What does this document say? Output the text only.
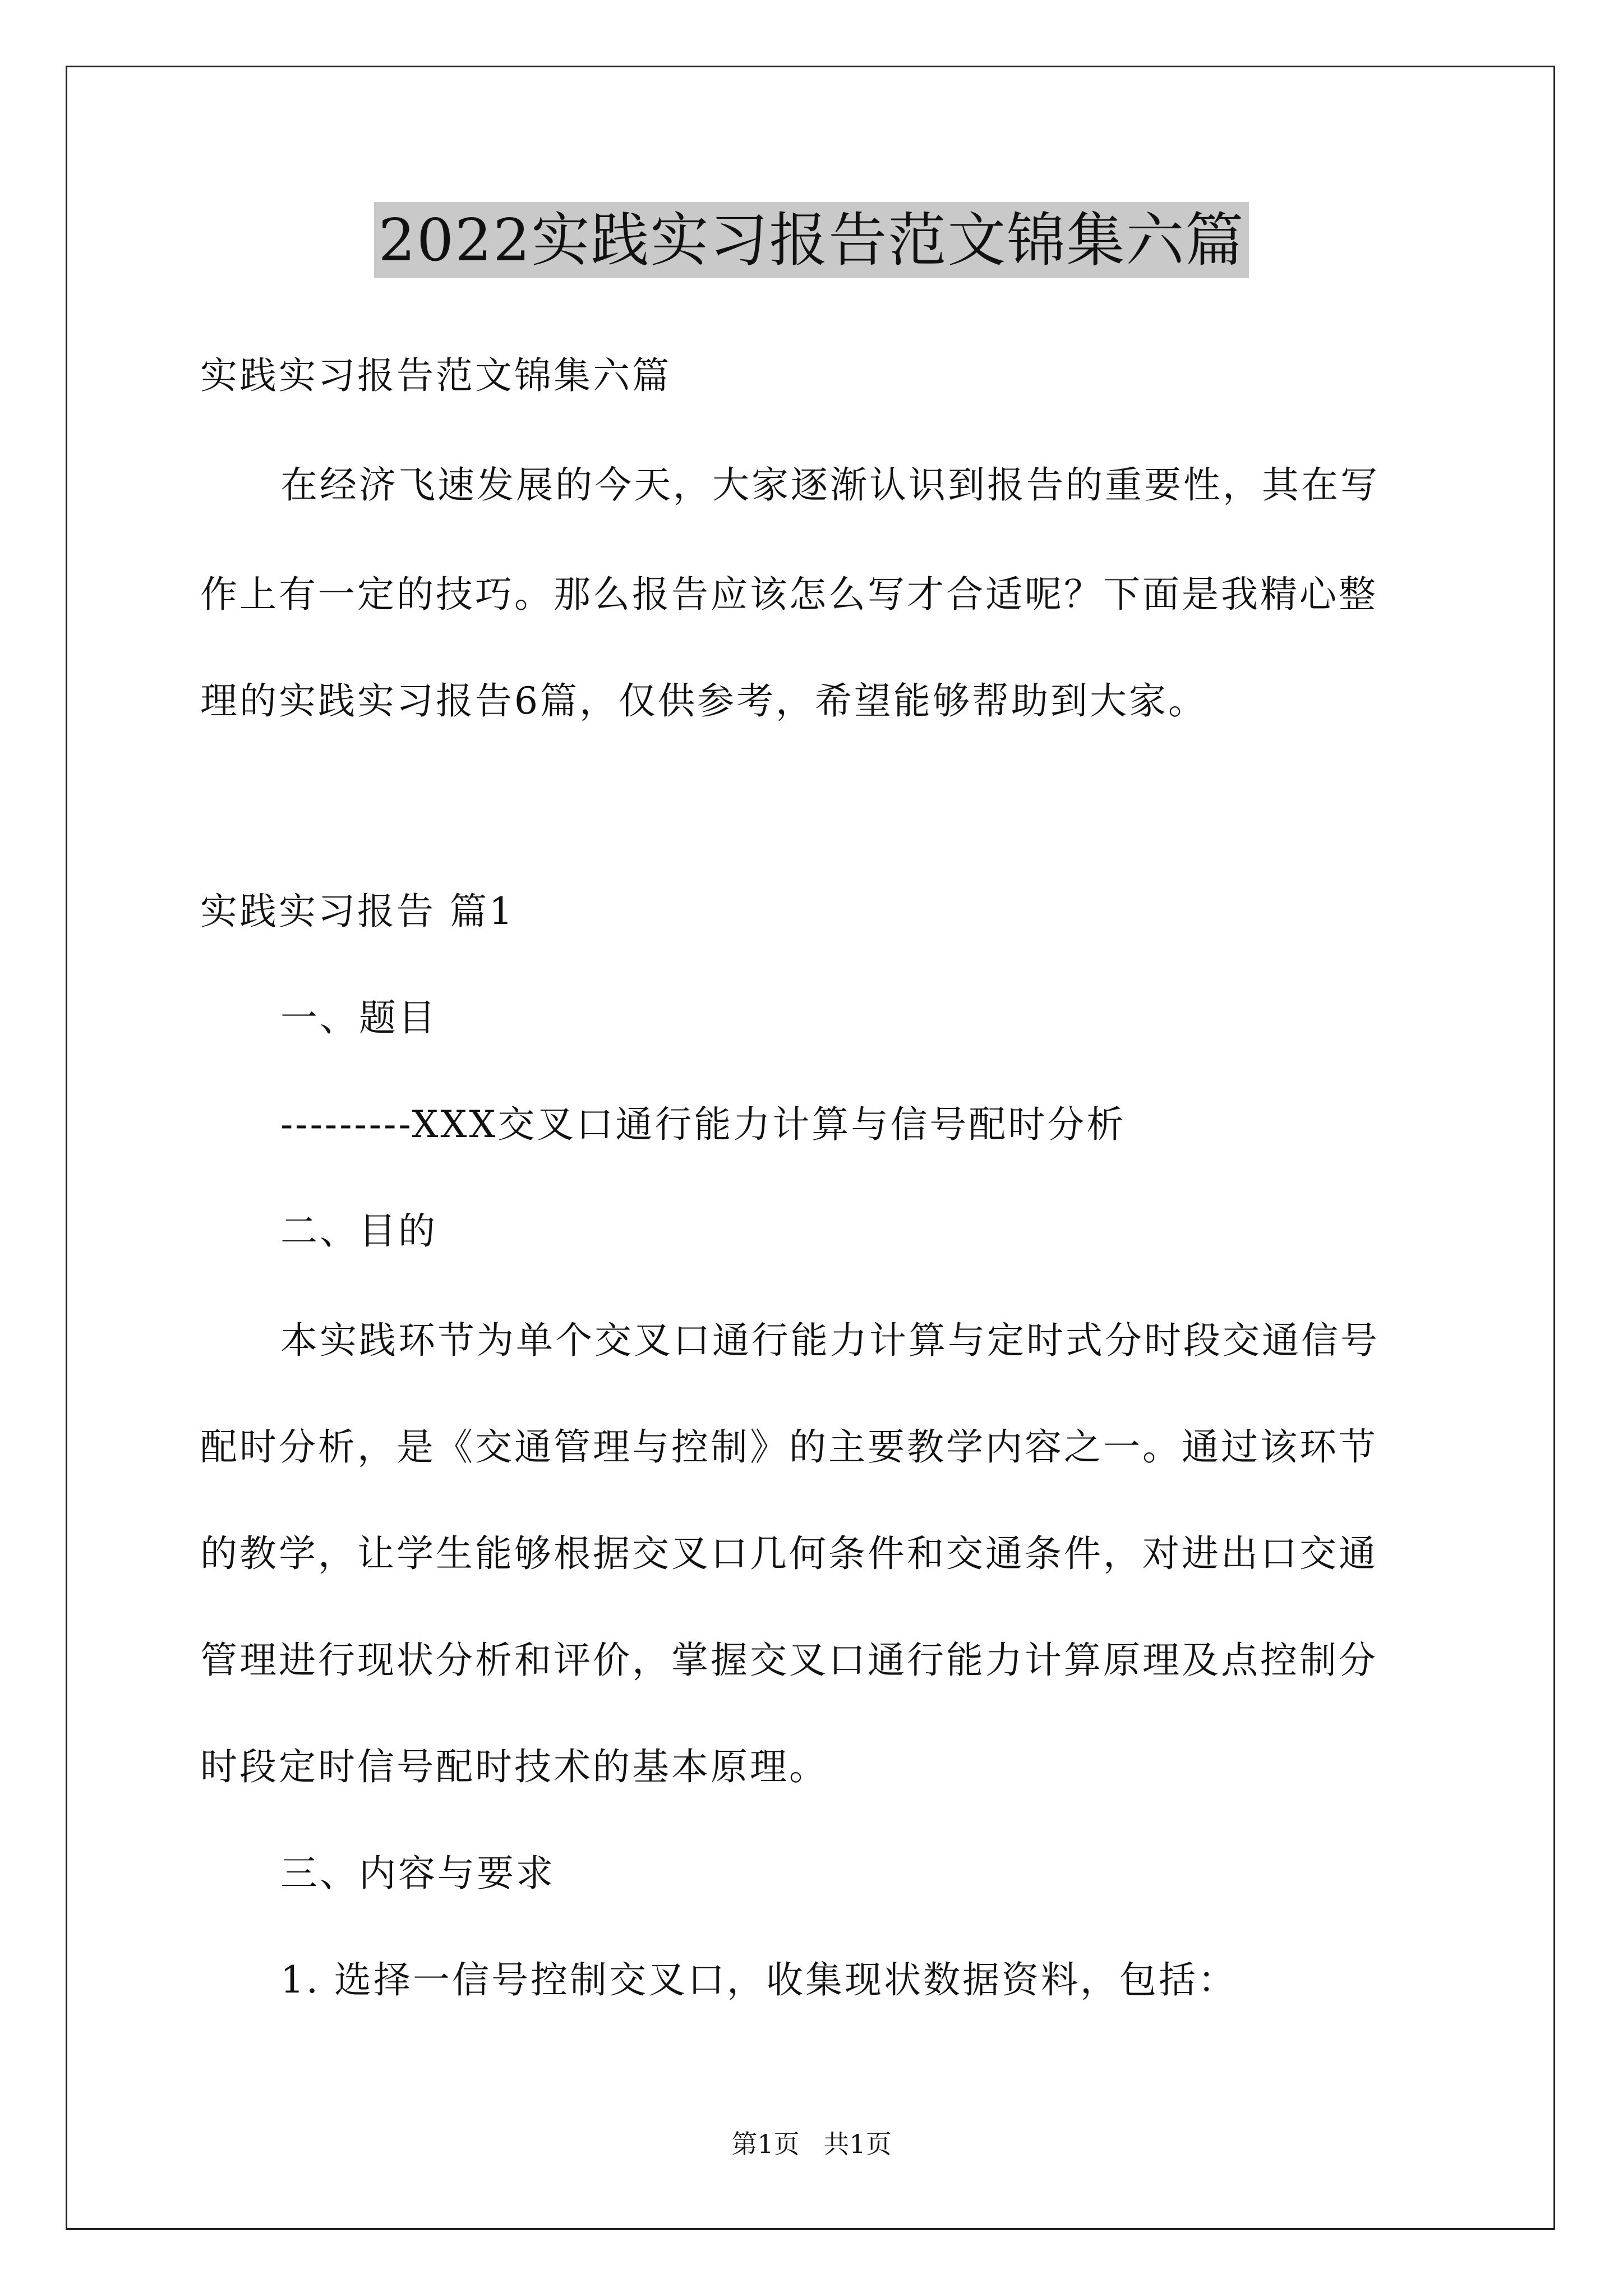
2022实践实习报告范文锦集六篇
实践实习报告范文锦集六篇
在经济飞速发展的今天，大家逐渐认识到报告的重要性，其在写
作上有一定的技巧。那么报告应该怎么写才合适呢？下面是我精心整
理的实践实习报告6篇，仅供参考，希望能够帮助到大家。
实践实习报告 篇1
一、题目
---------XXX交叉口通行能力计算与信号配时分析
二、目的
本实践环节为单个交叉口通行能力计算与定时式分时段交通信号
配时分析，是《交通管理与控制》的主要教学内容之一。通过该环节
的教学，让学生能够根据交叉口几何条件和交通条件，对进出口交通
管理进行现状分析和评价，掌握交叉口通行能力计算原理及点控制分
时段定时信号配时技术的基本原理。
三、内容与要求
1. 选择一信号控制交叉口，收集现状数据资料，包括：
第1页 共1页
